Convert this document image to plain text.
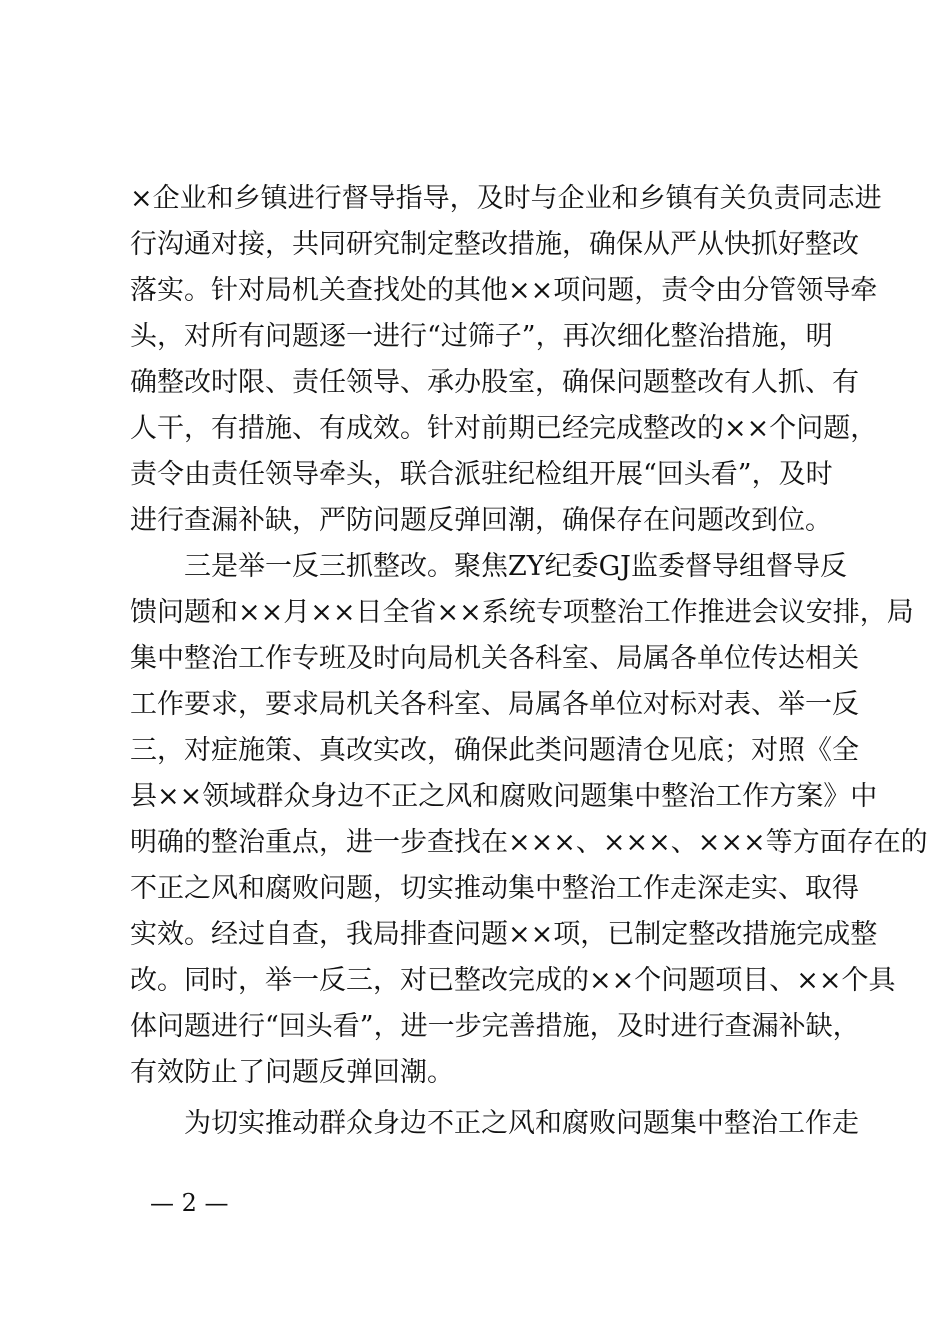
×企业和乡镇进行督导指导，及时与企业和乡镇有关负责同志进
行沟通对接，共同研究制定整改措施，确保从严从快抓好整改
落实。针对局机关查找处的其他××项问题，责令由分管领导牵
头，对所有问题逐一进行“过筛子”，再次细化整治措施，明
确整改时限、责任领导、承办股室，确保问题整改有人抓、有
人干，有措施、有成效。针对前期已经完成整改的××个问题，
责令由责任领导牵头，联合派驻纪检组开展“回头看”，及时
进行查漏补缺，严防问题反弹回潮，确保存在问题改到位。
　　三是举一反三抓整改。聚焦ZY纪委GJ监委督导组督导反
馈问题和××月××日全省××系统专项整治工作推进会议安排，局
集中整治工作专班及时向局机关各科室、局属各单位传达相关
工作要求，要求局机关各科室、局属各单位对标对表、举一反
三，对症施策、真改实改，确保此类问题清仓见底；对照《全
县××领域群众身边不正之风和腐败问题集中整治工作方案》中
明确的整治重点，进一步查找在×××、×××、×××等方面存在的
不正之风和腐败问题，切实推动集中整治工作走深走实、取得
实效。经过自查，我局排查问题××项，已制定整改措施完成整
改。同时，举一反三，对已整改完成的××个问题项目、××个具
体问题进行“回头看”，进一步完善措施，及时进行查漏补缺，
有效防止了问题反弹回潮。
　　为切实推动群众身边不正之风和腐败问题集中整治工作走
— 2 —
